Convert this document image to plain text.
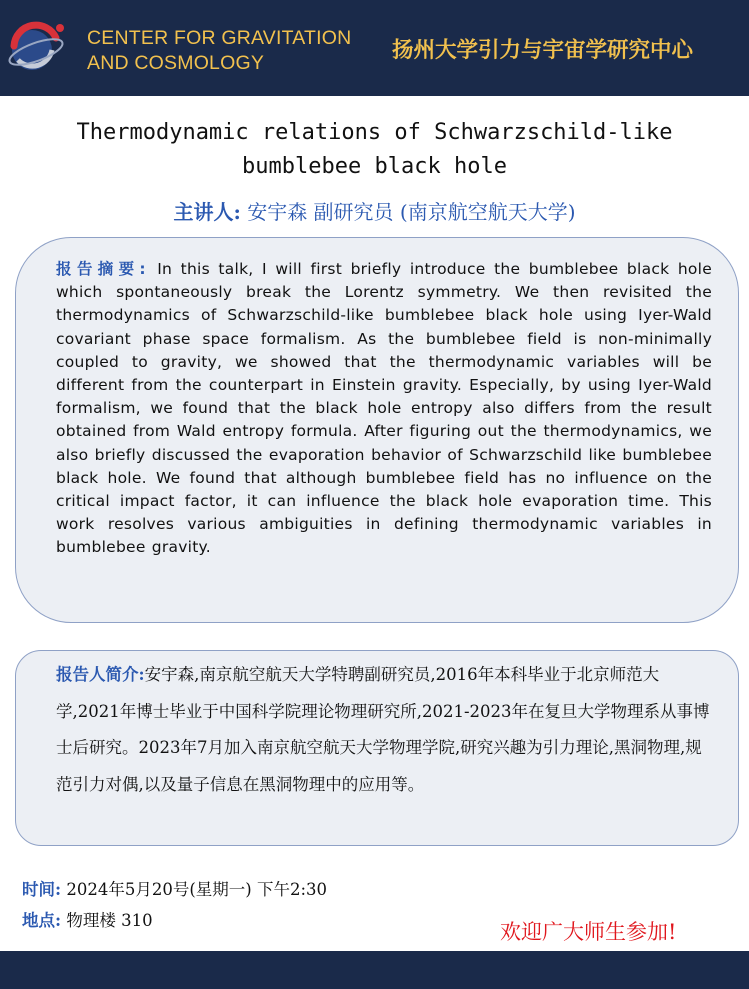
CENTER FOR GRAVITATION
AND COSMOLOGY	扬州大学引力与宇宙学研究中心
Thermodynamic relations of Schwarzschild-like bumblebee black hole
主讲人: 安宇森 副研究员 (南京航空航天大学)
报告摘要: In this talk, I will first briefly introduce the bumblebee black hole which spontaneously break the Lorentz symmetry. We then revisited the thermodynamics of Schwarzschild-like bumblebee black hole using Iyer-Wald covariant phase space formalism. As the bumblebee field is non-minimally coupled to gravity, we showed that the thermodynamic variables will be different from the counterpart in Einstein gravity. Especially, by using Iyer-Wald formalism, we found that the black hole entropy also differs from the result obtained from Wald entropy formula. After figuring out the thermodynamics, we also briefly discussed the evaporation behavior of Schwarzschild like bumblebee black hole. We found that although bumblebee field has no influence on the critical impact factor, it can influence the black hole evaporation time. This work resolves various ambiguities in defining thermodynamic variables in bumblebee gravity.
报告人简介:安宇森,南京航空航天大学特聘副研究员,2016年本科毕业于北京师范大学,2021年博士毕业于中国科学院理论物理研究所,2021-2023年在复旦大学物理系从事博士后研究。2023年7月加入南京航空航天大学物理学院,研究兴趣为引力理论,黑洞物理,规范引力对偶,以及量子信息在黑洞物理中的应用等。
时间: 2024年5月20号(星期一) 下午2:30
地点: 物理楼 310	欢迎广大师生参加!
